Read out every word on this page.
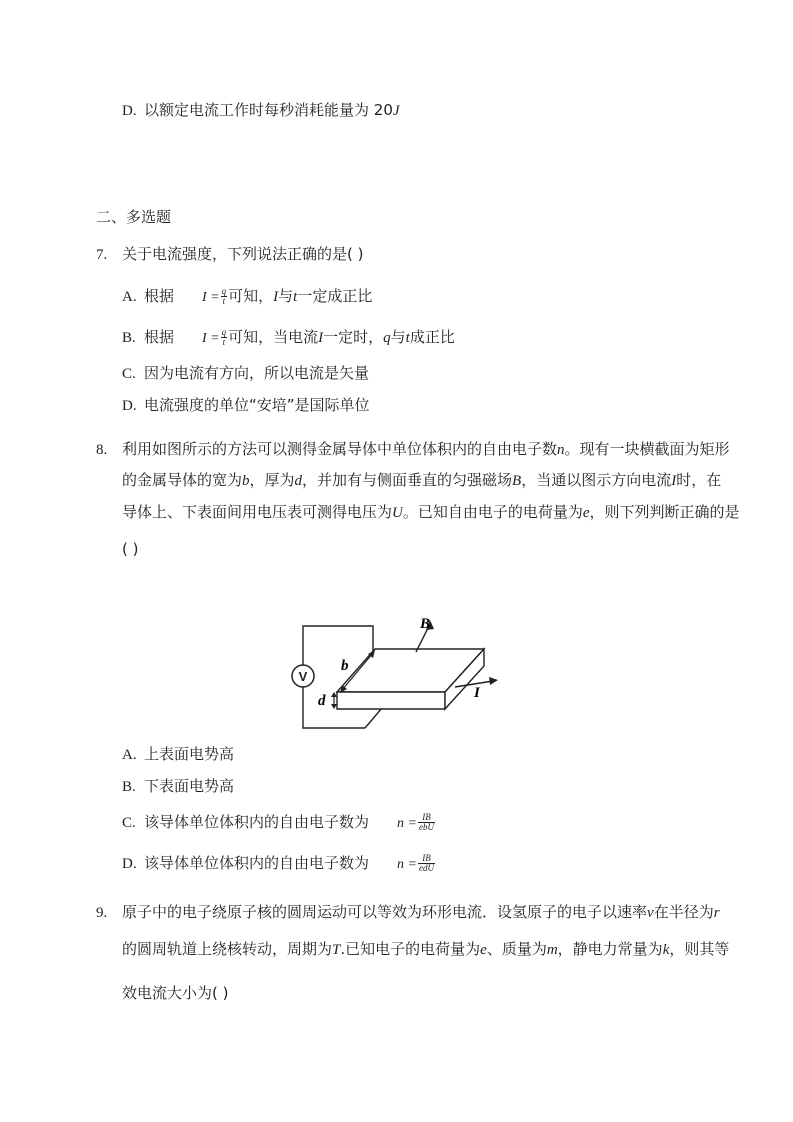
D. 以额定电流工作时每秒消耗能量为 20J
二、多选题
7. 关于电流强度，下列说法正确的是( )
A. 根据 $I = \frac{q}{t}$ 可知，I与t一定成正比
B. 根据 $I = \frac{q}{t}$ 可知，当电流I一定时，q与t成正比
C. 因为电流有方向，所以电流是矢量
D. 电流强度的单位“安培”是国际单位
8. 利用如图所示的方法可以测得金属导体中单位体积内的自由电子数n。现有一块横截面为矩形
的金属导体的宽为b，厚为d，并加有与侧面垂直的匀强磁场B，当通以图示方向电流I时，在
导体上、下表面间用电压表可测得电压为U。已知自由电子的电荷量为e，则下列判断正确的是
( )
V
B
I
b
d
A. 上表面电势高
B. 下表面电势高
C. 该导体单位体积内的自由电子数为 $n = \frac{IB}{\text{ebU}}$
D. 该导体单位体积内的自由电子数为 $n = \frac{IB}{\text{edU}}$
9. 原子中的电子绕原子核的圆周运动可以等效为环形电流．设氢原子的电子以速率v在半径为r
的圆周轨道上绕核转动，周期为T.已知电子的电荷量为e、质量为m，静电力常量为k，则其等
效电流大小为( )
